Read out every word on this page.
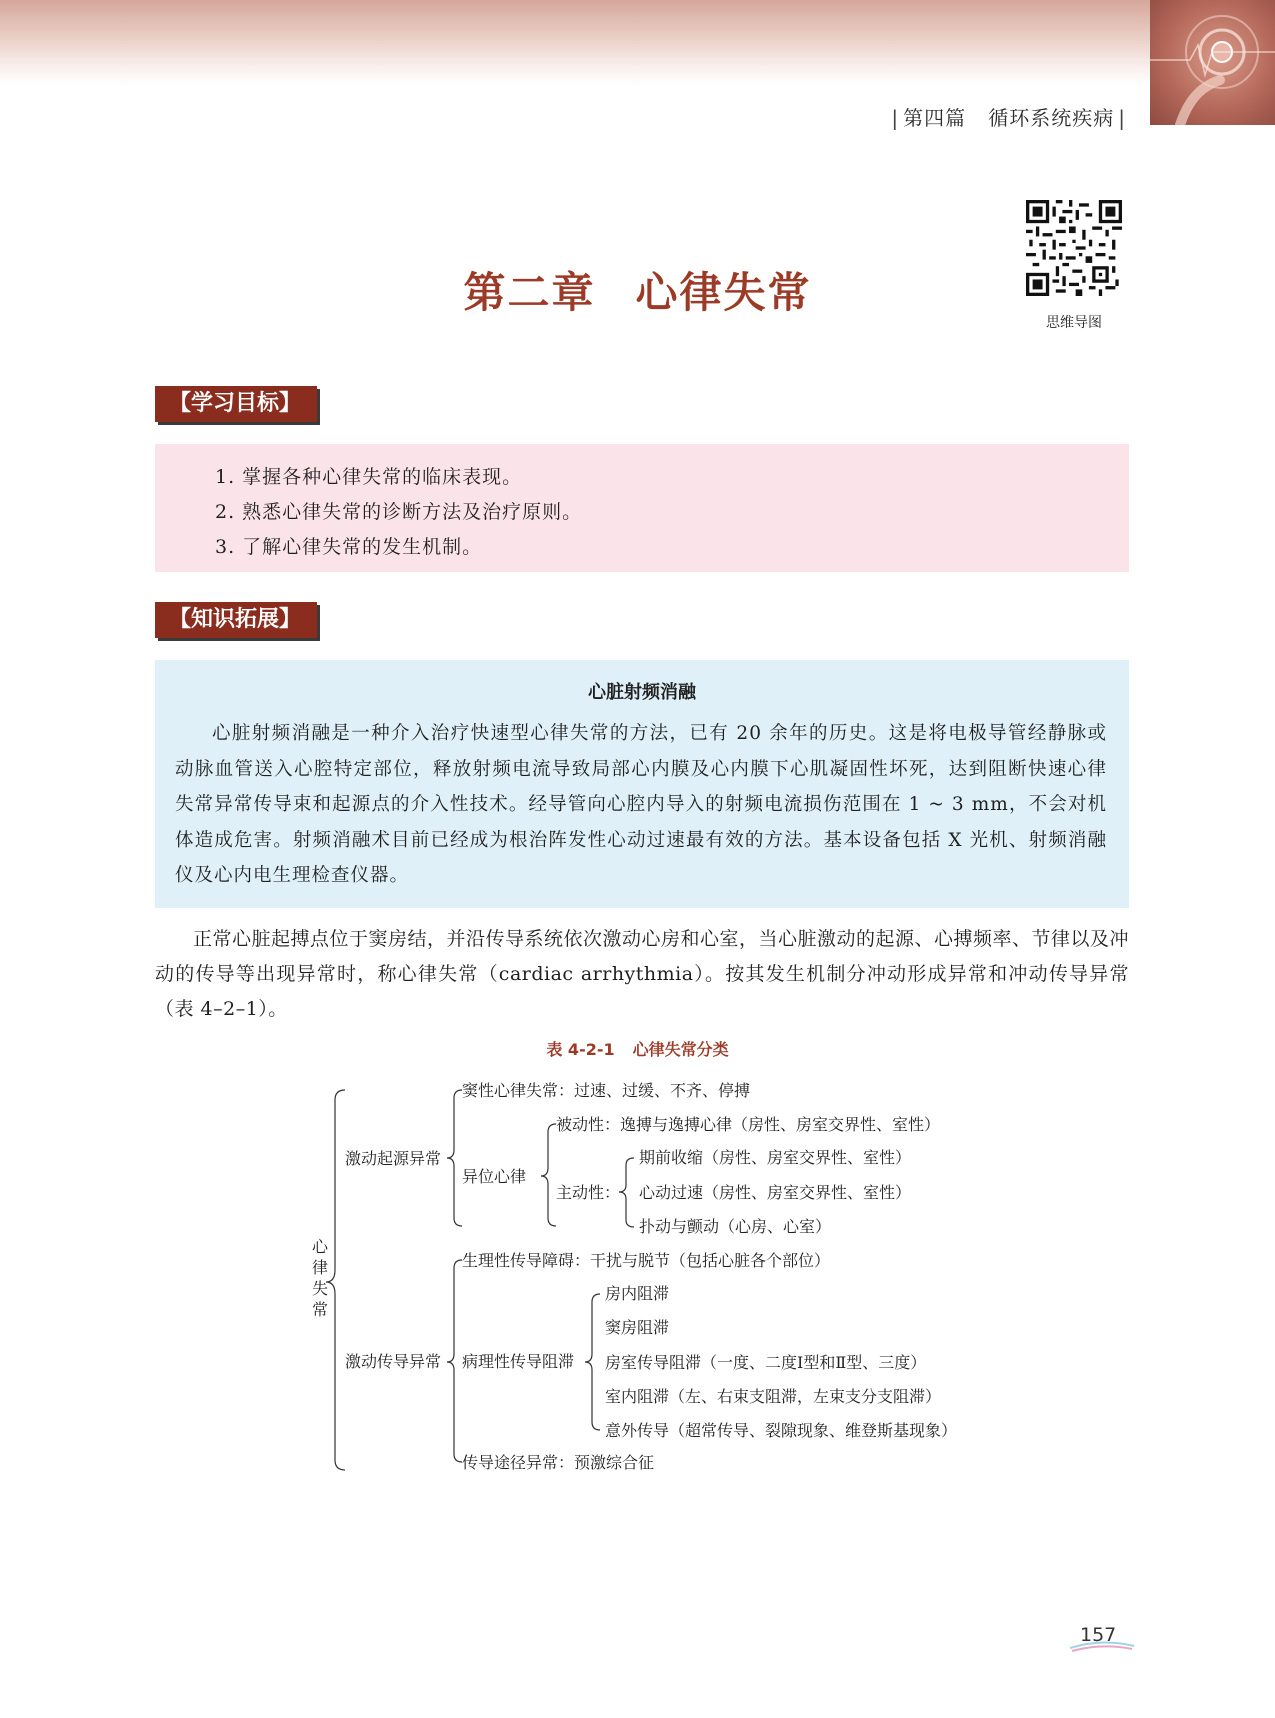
| 第四篇 循环系统疾病 |
第二章 心律失常
思维导图
【学习目标】
1. 掌握各种心律失常的临床表现。
2. 熟悉心律失常的诊断方法及治疗原则。
3. 了解心律失常的发生机制。
【知识拓展】
心脏射频消融
心脏射频消融是一种介入治疗快速型心律失常的方法，已有 20 余年的历史。这是将电极导管经静脉或动脉血管送入心腔特定部位，释放射频电流导致局部心内膜及心内膜下心肌凝固性坏死，达到阻断快速心律失常异常传导束和起源点的介入性技术。经导管向心腔内导入的射频电流损伤范围在 1 ~ 3 mm，不会对机体造成危害。射频消融术目前已经成为根治阵发性心动过速最有效的方法。基本设备包括 X 光机、射频消融仪及心内电生理检查仪器。
正常心脏起搏点位于窦房结，并沿传导系统依次激动心房和心室，当心脏激动的起源、心搏频率、节律以及冲动的传导等出现异常时，称心律失常（cardiac arrhythmia）。按其发生机制分冲动形成异常和冲动传导异常（表 4–2–1）。
表 4-2-1 心律失常分类
心
律
失
常
激动起源异常
窦性心律失常：过速、过缓、不齐、停搏
异位心律
被动性：逸搏与逸搏心律（房性、房室交界性、室性）
主动性：
期前收缩（房性、房室交界性、室性）
心动过速（房性、房室交界性、室性）
扑动与颤动（心房、心室）
激动传导异常
生理性传导障碍：干扰与脱节（包括心脏各个部位）
病理性传导阻滞
房内阻滞
窦房阻滞
房室传导阻滞（一度、二度Ⅰ型和Ⅱ型、三度）
室内阻滞（左、右束支阻滞，左束支分支阻滞）
意外传导（超常传导、裂隙现象、维登斯基现象）
传导途径异常：预激综合征
157
